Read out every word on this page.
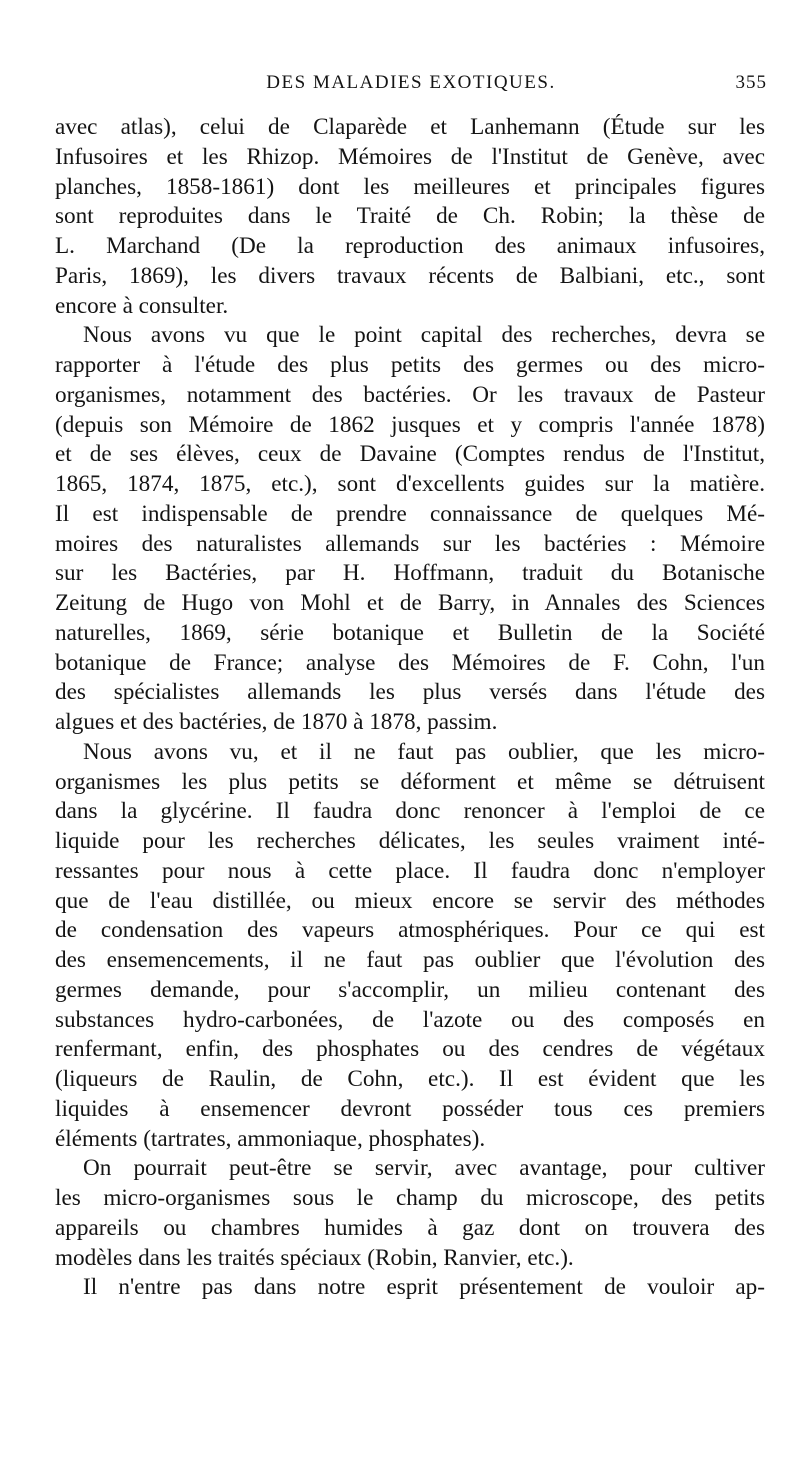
DES MALADIES EXOTIQUES.	355
avec atlas), celui de Claparède et Lanhemann (Étude sur les
Infusoires et les Rhizop. Mémoires de l'Institut de Genève, avec
planches, 1858-1861) dont les meilleures et principales figures
sont reproduites dans le Traité de Ch. Robin; la thèse de
L. Marchand (De la reproduction des animaux infusoires,
Paris, 1869), les divers travaux récents de Balbiani, etc., sont
encore à consulter.
Nous avons vu que le point capital des recherches, devra se
rapporter à l'étude des plus petits des germes ou des micro-
organismes, notamment des bactéries. Or les travaux de Pasteur
(depuis son Mémoire de 1862 jusques et y compris l'année 1878)
et de ses élèves, ceux de Davaine (Comptes rendus de l'Institut,
1865, 1874, 1875, etc.), sont d'excellents guides sur la matière.
Il est indispensable de prendre connaissance de quelques Mé-
moires des naturalistes allemands sur les bactéries : Mémoire
sur les Bactéries, par H. Hoffmann, traduit du Botanische
Zeitung de Hugo von Mohl et de Barry, in Annales des Sciences
naturelles, 1869, série botanique et Bulletin de la Société
botanique de France; analyse des Mémoires de F. Cohn, l'un
des spécialistes allemands les plus versés dans l'étude des
algues et des bactéries, de 1870 à 1878, passim.
Nous avons vu, et il ne faut pas oublier, que les micro-
organismes les plus petits se déforment et même se détruisent
dans la glycérine. Il faudra donc renoncer à l'emploi de ce
liquide pour les recherches délicates, les seules vraiment inté-
ressantes pour nous à cette place. Il faudra donc n'employer
que de l'eau distillée, ou mieux encore se servir des méthodes
de condensation des vapeurs atmosphériques. Pour ce qui est
des ensemencements, il ne faut pas oublier que l'évolution des
germes demande, pour s'accomplir, un milieu contenant des
substances hydro-carbonées, de l'azote ou des composés en
renfermant, enfin, des phosphates ou des cendres de végétaux
(liqueurs de Raulin, de Cohn, etc.). Il est évident que les
liquides à ensemencer devront posséder tous ces premiers
éléments (tartrates, ammoniaque, phosphates).
On pourrait peut-être se servir, avec avantage, pour cultiver
les micro-organismes sous le champ du microscope, des petits
appareils ou chambres humides à gaz dont on trouvera des
modèles dans les traités spéciaux (Robin, Ranvier, etc.).
Il n'entre pas dans notre esprit présentement de vouloir ap-
